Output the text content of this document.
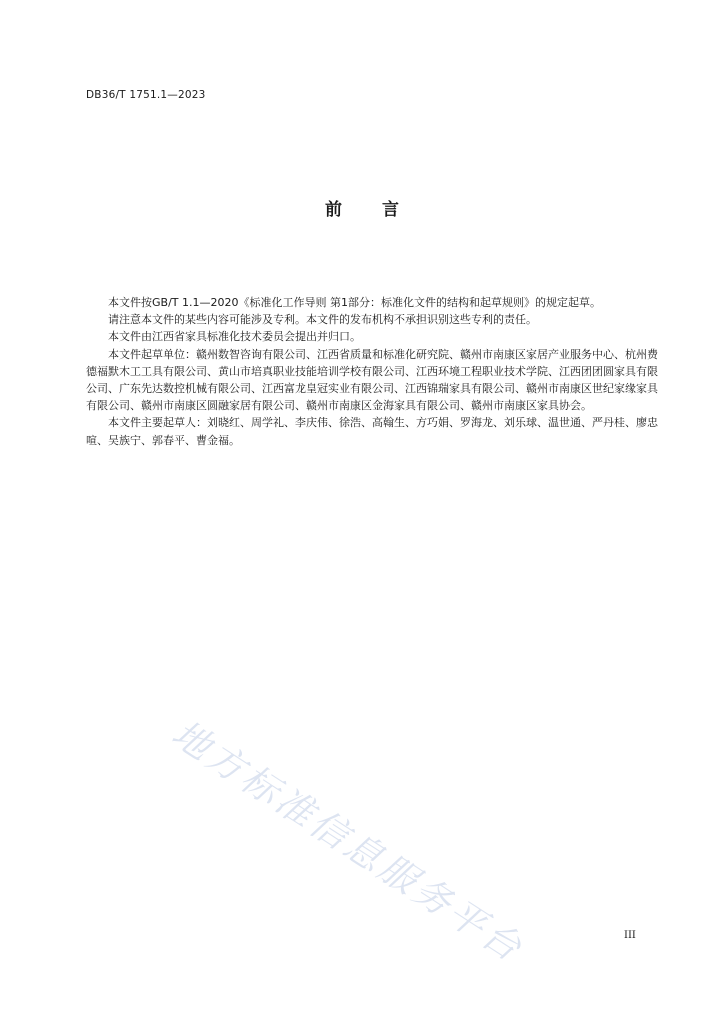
DB36/T 1751.1—2023
前 言

本文件按GB/T 1.1—2020《标准化工作导则 第1部分：标准化文件的结构和起草规则》的规定起草。

请注意本文件的某些内容可能涉及专利。本文件的发布机构不承担识别这些专利的责任。

本文件由江西省家具标准化技术委员会提出并归口。

本文件起草单位：赣州数智咨询有限公司、江西省质量和标准化研究院、赣州市南康区家居产业服务中心、杭州费德福默木工工具有限公司、黄山市培真职业技能培训学校有限公司、江西环境工程职业技术学院、江西团团圆家具有限公司、广东先达数控机械有限公司、江西富龙皇冠实业有限公司、江西锦瑞家具有限公司、赣州市南康区世纪家缘家具有限公司、赣州市南康区圆融家居有限公司、赣州市南康区金海家具有限公司、赣州市南康区家具协会。

本文件主要起草人：刘晓红、周学礼、李庆伟、徐浩、高翰生、方巧娟、罗海龙、刘乐球、温世通、严丹桂、廖忠喧、吴族宁、郭春平、曹金福。

地方标准信息服务平台	III
